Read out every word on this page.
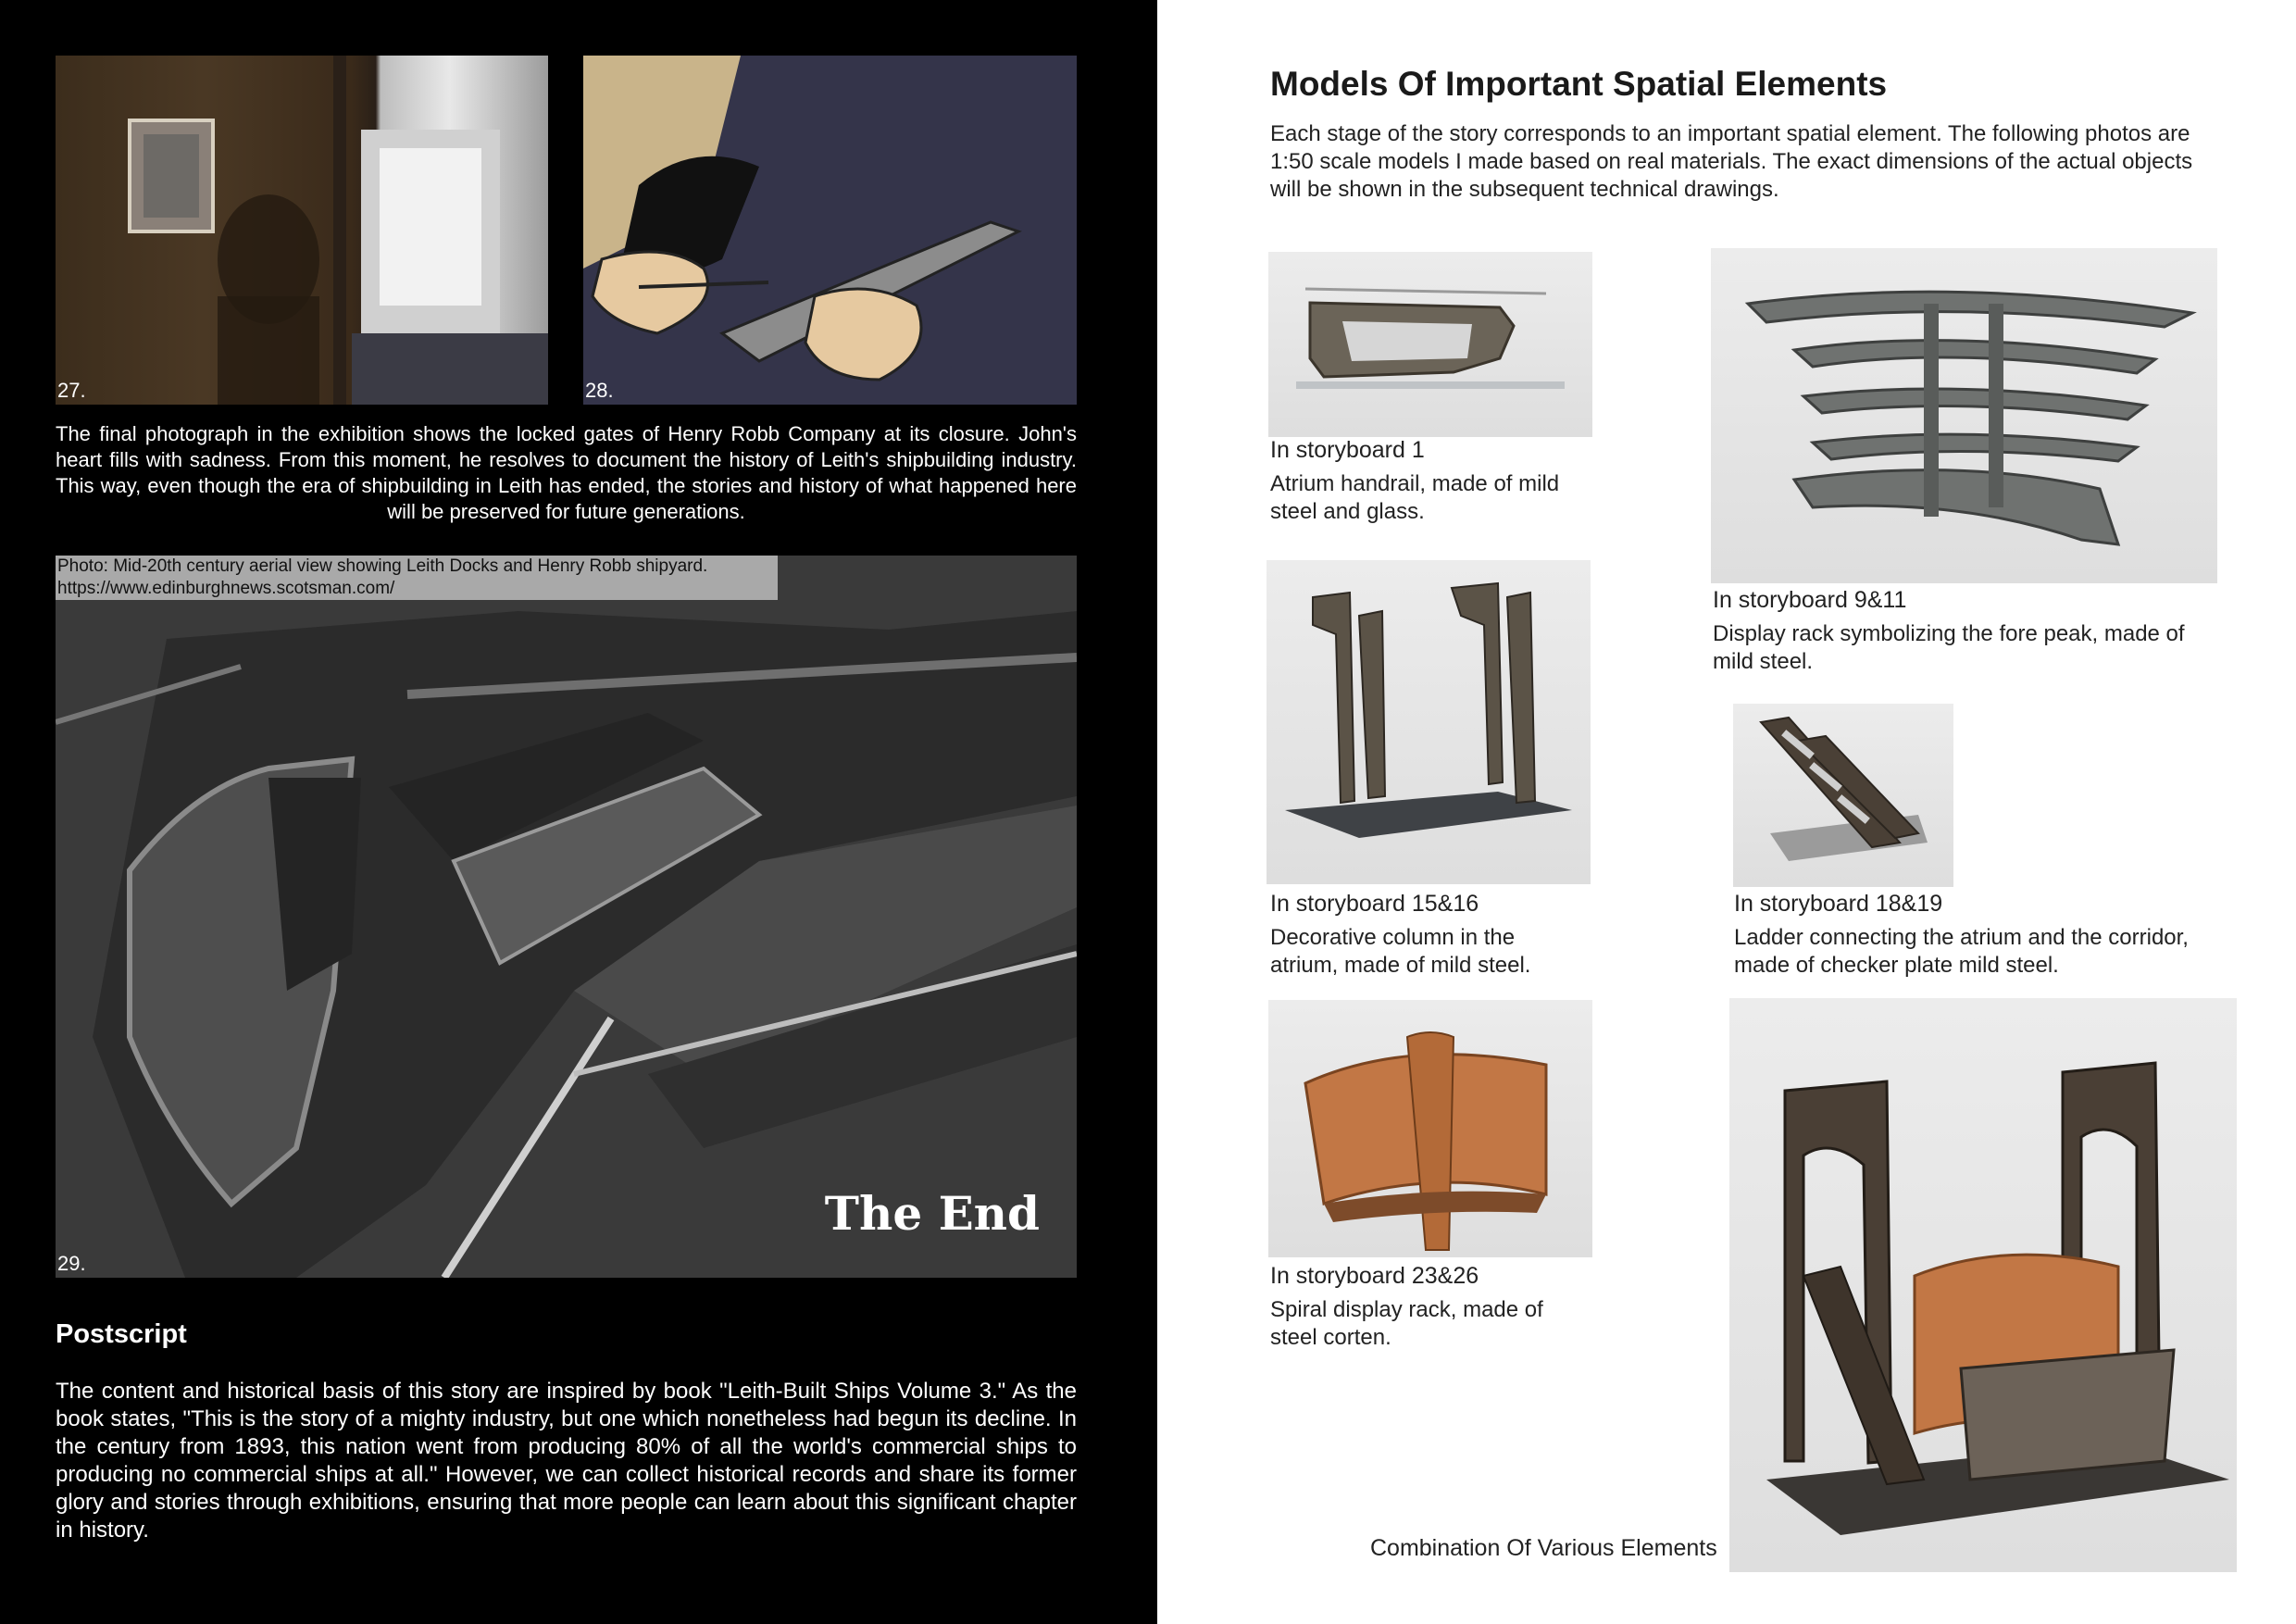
27.	28.

The final photograph in the exhibition shows the locked gates of Henry Robb Company at its closure. John's heart fills with sadness. From this moment, he resolves to document the history of Leith's shipbuilding industry. This way, even though the era of shipbuilding in Leith has ended, the stories and history of what happened here will be preserved for future generations.

Photo: Mid-20th century aerial view showing Leith Docks and Henry Robb shipyard.
https://www.edinburghnews.scotsman.com/
The End
29.
Postscript

The content and historical basis of this story are inspired by book "Leith-Built Ships Volume 3." As the book states, "This is the story of a mighty industry, but one which nonetheless had begun its decline. In the century from 1893, this nation went from producing 80% of all the world's commercial ships to producing no commercial ships at all." However, we can collect historical records and share its former glory and stories through exhibitions, ensuring that more people can learn about this significant chapter in history.

Models Of Important Spatial Elements

Each stage of the story corresponds to an important spatial element. The following photos are 1:50 scale models I made based on real materials. The exact dimensions of the actual objects will be shown in the subsequent technical drawings.

In storyboard 1
Atrium handrail, made of mild
steel and glass.
In storyboard 9&11
Display rack symbolizing the fore peak, made of
mild steel.
In storyboard 15&16
Decorative column in the
atrium, made of mild steel.
In storyboard 18&19
Ladder connecting the atrium and the corridor,
made of checker plate mild steel.
In storyboard 23&26
Spiral display rack, made of
steel corten.
Combination Of Various Elements
